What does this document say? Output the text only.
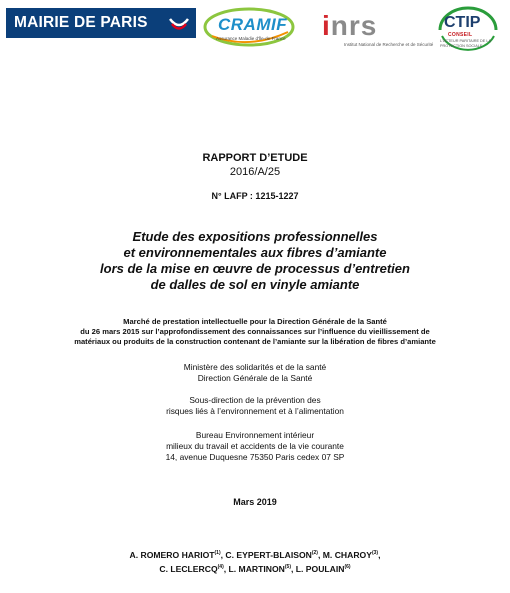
MAIRIE DE PARIS	CRAMIF
Assurance Maladie d'Île-de-France inrs
Institut National de Recherche et de Sécurité
CTIP
CONSEIL
L'ACTEUR PARITAIRE DE LA PROTECTION SOCIALE
RAPPORT D’ETUDE
2016/A/25
N° LAFP : 1215-1227
Etude des expositions professionnelles
et environnementales aux fibres d’amiante
lors de la mise en œuvre de processus d’entretien
de dalles de sol en vinyle amiante
Marché de prestation intellectuelle pour la Direction Générale de la Santé
du 26 mars 2015 sur l’approfondissement des connaissances sur l’influence du vieillissement de
matériaux ou produits de la construction contenant de l’amiante sur la libération de fibres d’amiante
Ministère des solidarités et de la santé
Direction Générale de la Santé
Sous-direction de la prévention des
risques liés à l’environnement et à l’alimentation
Bureau Environnement intérieur
milieux du travail et accidents de la vie courante
14, avenue Duquesne 75350 Paris cedex 07 SP
Mars 2019
A. ROMERO HARIOT$^{(1)}$, C. EYPERT-BLAISON$^{(2)}$, M. CHAROY$^{(3)}$,
C. LECLERCQ$^{(4)}$, L. MARTINON$^{(5)}$, L. POULAIN$^{(6)}$
